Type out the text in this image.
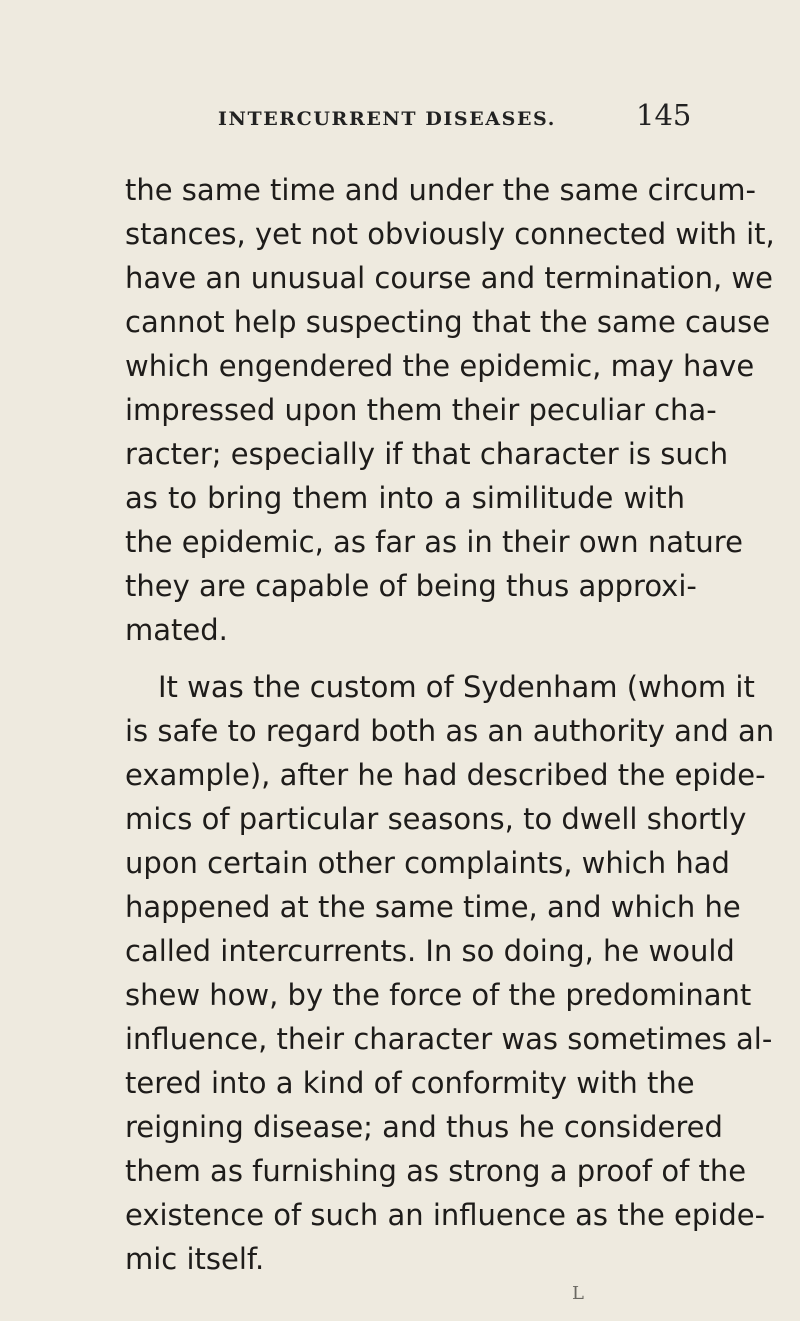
INTERCURRENT DISEASES.	145
the same time and under the same circum-
stances, yet not obviously connected with it,
have an unusual course and termination, we
cannot help suspecting that the same cause
which engendered the epidemic, may have
impressed upon them their peculiar cha-
racter; especially if that character is such
as to bring them into a similitude with
the epidemic, as far as in their own nature
they are capable of being thus approxi-
mated.
It was the custom of Sydenham (whom it
is safe to regard both as an authority and an
example), after he had described the epide-
mics of particular seasons, to dwell shortly
upon certain other complaints, which had
happened at the same time, and which he
called intercurrents. In so doing, he would
shew how, by the force of the predominant
influence, their character was sometimes al-
tered into a kind of conformity with the
reigning disease; and thus he considered
them as furnishing as strong a proof of the
existence of such an influence as the epide-
mic itself.
L
